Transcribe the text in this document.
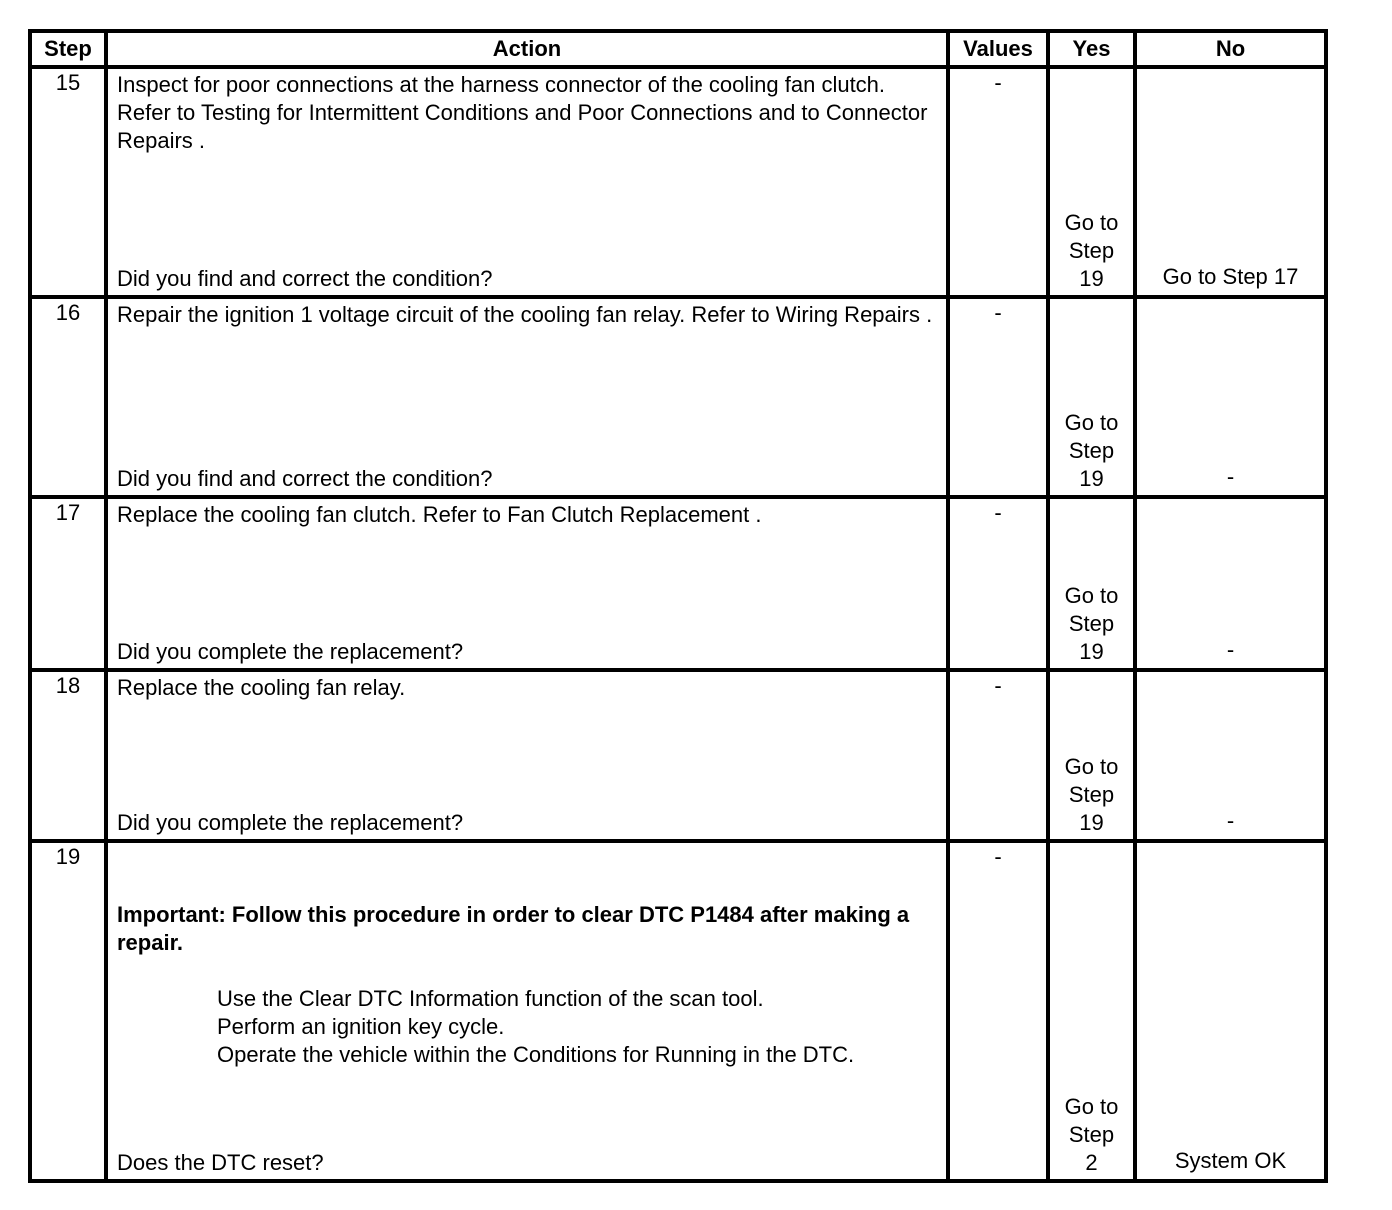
Step	Action	Values	Yes	No
15	Inspect for poor connections at the harness connector of the cooling fan clutch. Refer to Testing for Intermittent Conditions and Poor Connections and to Connector Repairs .
Did you find and correct the condition?	-	Go to Step 19	Go to Step 17

16	Repair the ignition 1 voltage circuit of the cooling fan relay. Refer to Wiring Repairs .
Did you find and correct the condition?	-	Go to Step 19	-

17	Replace the cooling fan clutch. Refer to Fan Clutch Replacement .
Did you complete the replacement?	-	Go to Step 19	-

18	Replace the cooling fan relay.
Did you complete the replacement?	-	Go to Step 19	-

19	Important: Follow this procedure in order to clear DTC P1484 after making a repair.
Use the Clear DTC Information function of the scan tool.
Perform an ignition key cycle.
Operate the vehicle within the Conditions for Running in the DTC.
Does the DTC reset?	-	Go to Step 2	System OK
